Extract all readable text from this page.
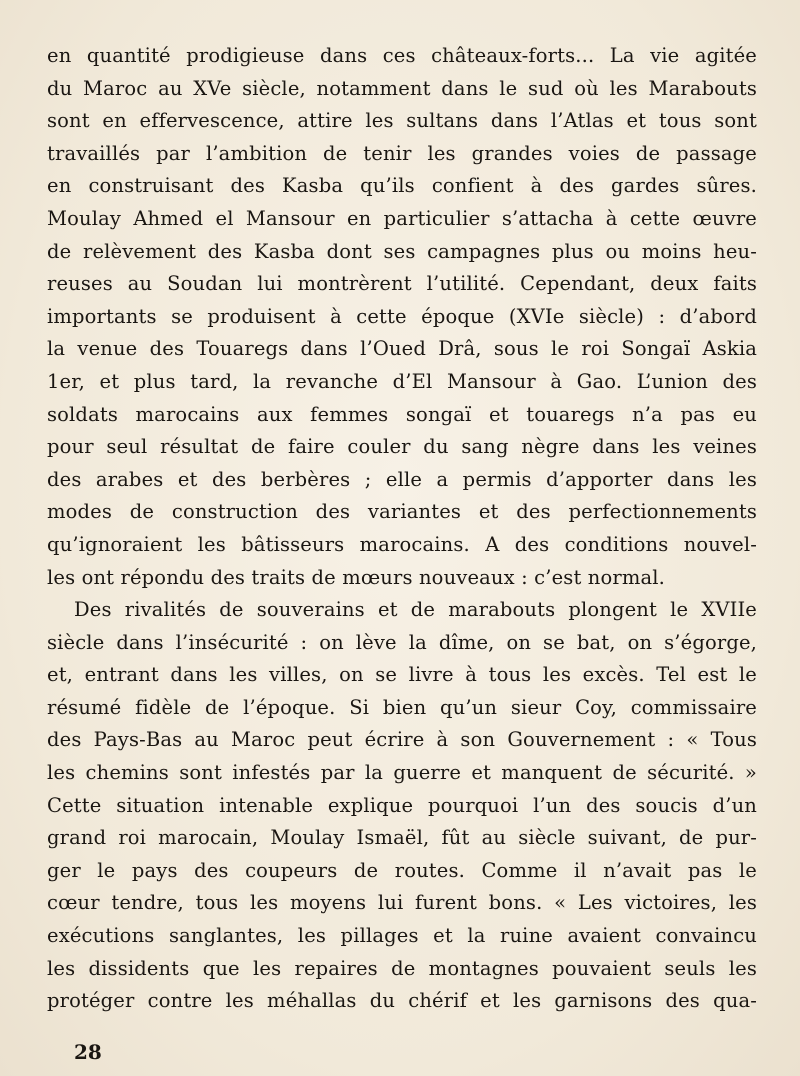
en quantité prodigieuse dans ces châteaux-forts... La vie agitée
du Maroc au XVe siècle, notamment dans le sud où les Marabouts
sont en effervescence, attire les sultans dans l’Atlas et tous sont
travaillés par l’ambition de tenir les grandes voies de passage
en construisant des Kasba qu’ils confient à des gardes sûres.
Moulay Ahmed el Mansour en particulier s’attacha à cette œuvre
de relèvement des Kasba dont ses campagnes plus ou moins heu-
reuses au Soudan lui montrèrent l’utilité. Cependant, deux faits
importants se produisent à cette époque (XVIe siècle) : d’abord
la venue des Touaregs dans l’Oued Drâ, sous le roi Songaï Askia
1er, et plus tard, la revanche d’El Mansour à Gao. L’union des
soldats marocains aux femmes songaï et touaregs n’a pas eu
pour seul résultat de faire couler du sang nègre dans les veines
des arabes et des berbères ; elle a permis d’apporter dans les
modes de construction des variantes et des perfectionnements
qu’ignoraient les bâtisseurs marocains. A des conditions nouvel-
les ont répondu des traits de mœurs nouveaux : c’est normal.
Des rivalités de souverains et de marabouts plongent le XVIIe
siècle dans l’insécurité : on lève la dîme, on se bat, on s’égorge,
et, entrant dans les villes, on se livre à tous les excès. Tel est le
résumé fidèle de l’époque. Si bien qu’un sieur Coy, commissaire
des Pays-Bas au Maroc peut écrire à son Gouvernement : « Tous
les chemins sont infestés par la guerre et manquent de sécurité. »
Cette situation intenable explique pourquoi l’un des soucis d’un
grand roi marocain, Moulay Ismaël, fût au siècle suivant, de pur-
ger le pays des coupeurs de routes. Comme il n’avait pas le
cœur tendre, tous les moyens lui furent bons. « Les victoires, les
exécutions sanglantes, les pillages et la ruine avaient convaincu
les dissidents que les repaires de montagnes pouvaient seuls les
protéger contre les méhallas du chérif et les garnisons des qua-
28
